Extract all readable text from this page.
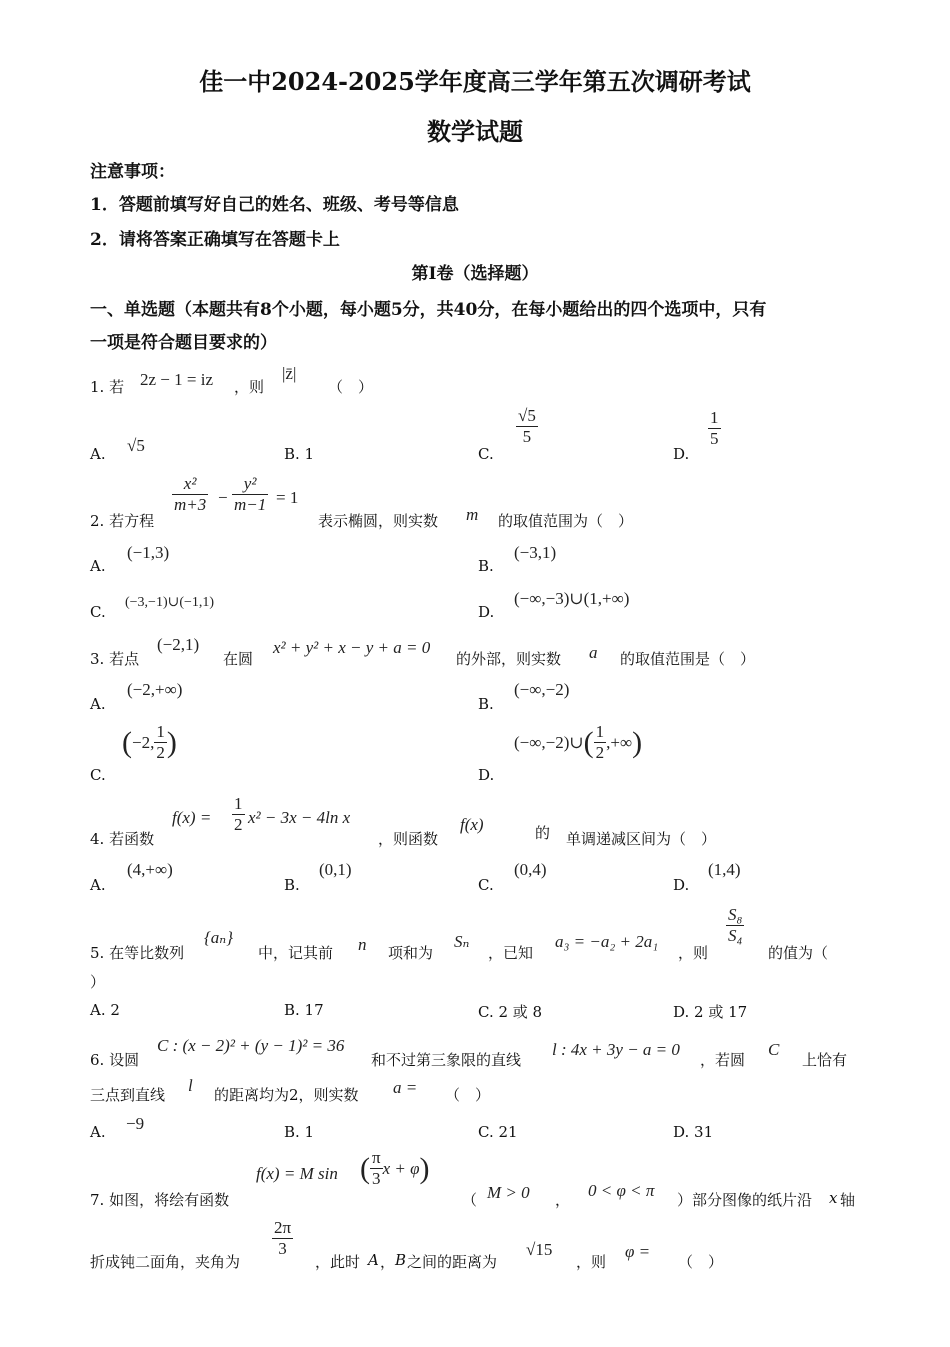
佳一中2024-2025学年度高三学年第五次调研考试
数学试题
注意事项：
1．答题前填写好自己的姓名、班级、考号等信息
2．请将答案正确填写在答题卡上
第I卷（选择题）
一、单选题（本题共有8个小题，每小题5分，共40分，在每小题给出的四个选项中，只有
一项是符合题目要求的）
1. 若 2z − 1 = iz ，则
|z̄|
（　）
A. √5	B. 1	C.
$\frac{√5}{5}$
D.
$\frac{1}{5}$
2. 若方程
$\frac{\text{x²}}{m+3} - \frac{\text{y²}}{m-1} = 1$
表示椭圆，则实数 m 的取值范围为（　）
A.
(−1,3)
B.
(−3,1)
C.
(−3,−1)∪(−1,1)
D.
(−∞,−3)∪(1,+∞)
3. 若点
(−2,1)
在圆
x² + y² + x − y + a = 0
的外部，则实数 a 的取值范围是（　）
A.
(−2,+∞)
B.
(−∞,−2)
C.
(−2, $\frac{1}{2}$ )
D.
(−∞,−2)∪( $\frac{1}{2}$ ,+∞)
4. 若函数
$f(x) = \frac{1}{2} x^2 - 3x - 4\ln$ x
，则函数
f(x)	的 单调递减区间为（　）
A.
(4,+∞)
B.
(0,1)
C.
(0,4)
D.
(1,4)
5. 在等比数列
{aₙ}
中，记其前 n 项和为
Sₙ
，已知
a₃ = −a₂ + 2a₁
，则
$\frac{\text{S₈}}{\text{S₄}}$
的值为（
）
A. 2	B. 17	C. 2 或 8	D. 2 或 17
6. 设圆
C : (x − 2)² + (y − 1)² = 36
和不过第三象限的直线
l : 4x + 3y − a = 0
，若圆
C
上恰有
三点到直线 l 的距离均为2，则实数 a = （　）
A. −9	B. 1	C. 21	D. 31
7. 如图，将绘有函数
f(x) = M sin ( $\frac{\pi}{3}$ x + φ)
（ M > 0 ， 0 < φ < π ）部分图像的纸片沿 x 轴
折成钝二面角，夹角为
$\frac{2\pi}{3}$
，此时 A ， B 之间的距离为
√15
，则
φ =
（　）
